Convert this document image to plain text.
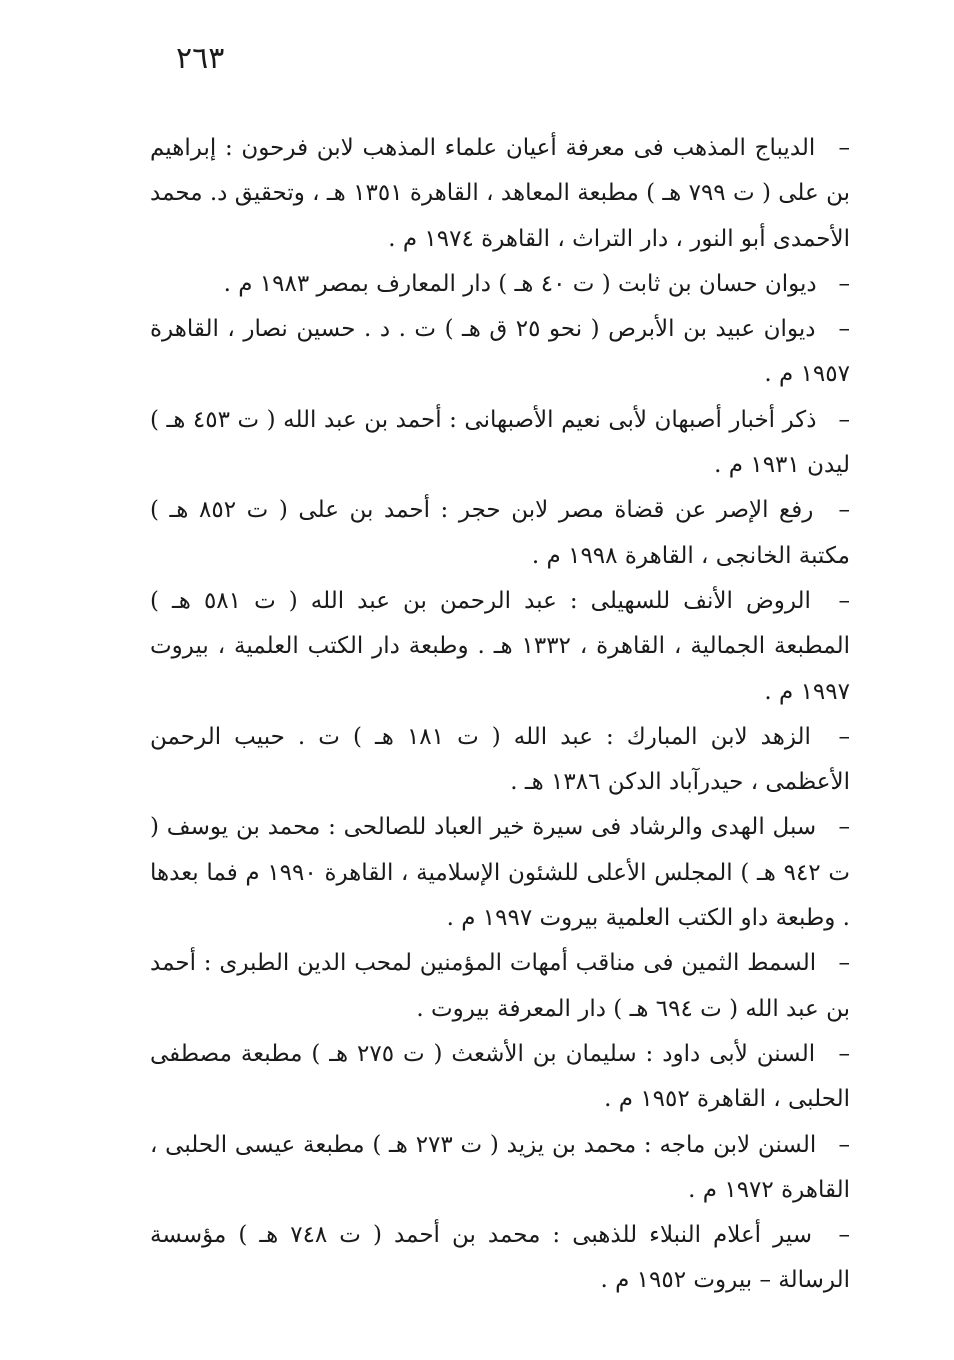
٢٦٣
– الديباج المذهب فى معرفة أعيان علماء المذهب لابن فرحون : إبراهيم بن على ( ت ٧٩٩ هـ ) مطبعة المعاهد ، القاهرة ١٣٥١ هـ ، وتحقيق د. محمد الأحمدى أبو النور ، دار التراث ، القاهرة ١٩٧٤ م .
– ديوان حسان بن ثابت ( ت ٤٠ هـ ) دار المعارف بمصر ١٩٨٣ م .
– ديوان عبيد بن الأبرص ( نحو ٢٥ ق هـ ) ت . د . حسين نصار ، القاهرة ١٩٥٧ م .
– ذكر أخبار أصبهان لأبى نعيم الأصبهانى : أحمد بن عبد الله ( ت ٤٥٣ هـ ) ليدن ١٩٣١ م .
– رفع الإصر عن قضاة مصر لابن حجر : أحمد بن على ( ت ٨٥٢ هـ ) مكتبة الخانجى ، القاهرة ١٩٩٨ م .
– الروض الأنف للسهيلى : عبد الرحمن بن عبد الله ( ت ٥٨١ هـ ) المطبعة الجمالية ، القاهرة ، ١٣٣٢ هـ . وطبعة دار الكتب العلمية ، بيروت ١٩٩٧ م .
– الزهد لابن المبارك : عبد الله ( ت ١٨١ هـ ) ت . حبيب الرحمن الأعظمى ، حيدرآباد الدكن ١٣٨٦ هـ .
– سبل الهدى والرشاد فى سيرة خير العباد للصالحى : محمد بن يوسف ( ت ٩٤٢ هـ ) المجلس الأعلى للشئون الإسلامية ، القاهرة ١٩٩٠ م فما بعدها . وطبعة داو الكتب العلمية بيروت ١٩٩٧ م .
– السمط الثمين فى مناقب أمهات المؤمنين لمحب الدين الطبرى : أحمد بن عبد الله ( ت ٦٩٤ هـ ) دار المعرفة بيروت .
– السنن لأبى داود : سليمان بن الأشعث ( ت ٢٧٥ هـ ) مطبعة مصطفى الحلبى ، القاهرة ١٩٥٢ م .
– السنن لابن ماجه : محمد بن يزيد ( ت ٢٧٣ هـ ) مطبعة عيسى الحلبى ، القاهرة ١٩٧٢ م .
– سير أعلام النبلاء للذهبى : محمد بن أحمد ( ت ٧٤٨ هـ ) مؤسسة الرسالة – بيروت ١٩٥٢ م .
